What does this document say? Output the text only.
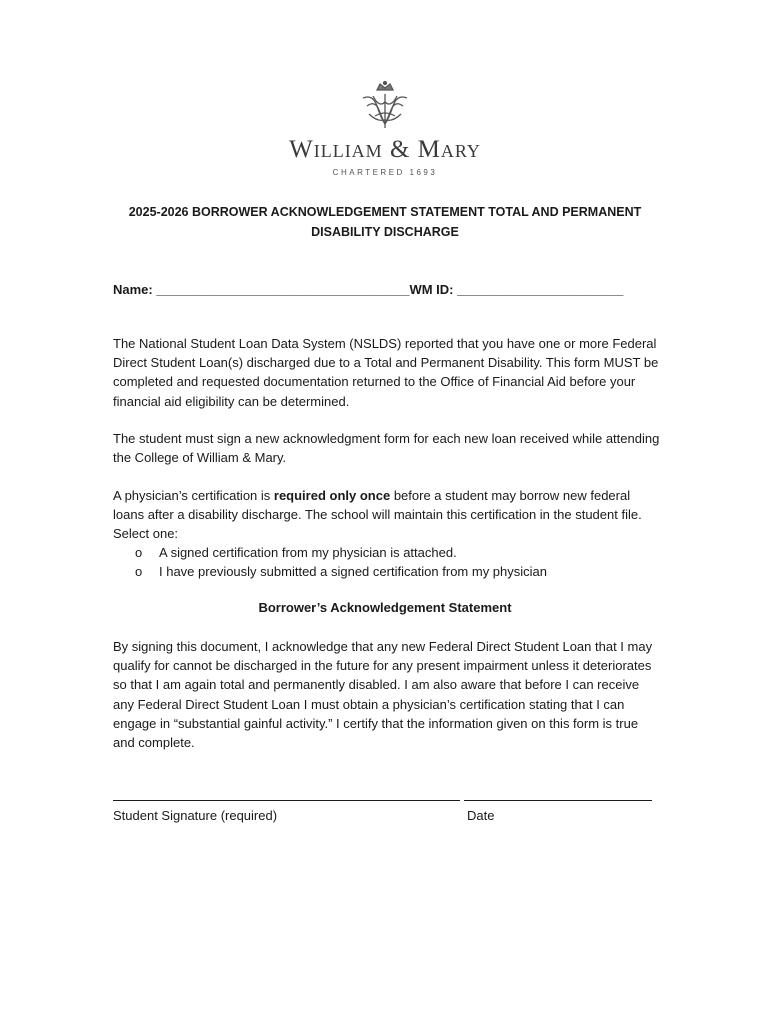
William & Mary
CHARTERED 1693
2025-2026 BORROWER ACKNOWLEDGEMENT STATEMENT TOTAL AND PERMANENT
DISABILITY DISCHARGE
Name: ___________________________________WM ID: _______________________
The National Student Loan Data System (NSLDS) reported that you have one or more Federal Direct Student Loan(s) discharged due to a Total and Permanent Disability. This form MUST be completed and requested documentation returned to the Office of Financial Aid before your financial aid eligibility can be determined.
The student must sign a new acknowledgment form for each new loan received while attending the College of William & Mary.
A physician’s certification is required only once before a student may borrow new federal loans after a disability discharge. The school will maintain this certification in the student file. Select one:
o	A signed certification from my physician is attached.
o	I have previously submitted a signed certification from my physician
Borrower’s Acknowledgement Statement
By signing this document, I acknowledge that any new Federal Direct Student Loan that I may qualify for cannot be discharged in the future for any present impairment unless it deteriorates so that I am again total and permanently disabled. I am also aware that before I can receive any Federal Direct Student Loan I must obtain a physician’s certification stating that I can engage in “substantial gainful activity.” I certify that the information given on this form is true and complete.
Student Signature (required)	Date
